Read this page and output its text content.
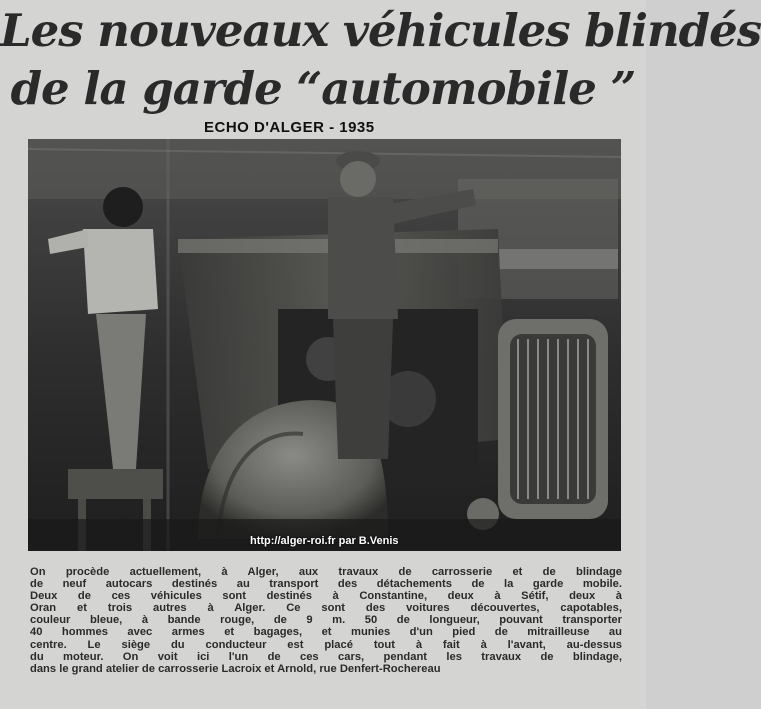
Les nouveaux véhicules blindés
de la garde “automobile ”
ECHO D'ALGER - 1935
http://alger-roi.fr par B.Venis
On procède actuellement, à Alger, aux travaux de carrosserie et de blindage
de neuf autocars destinés au transport des détachements de la garde mobile.
Deux de ces véhicules sont destinés à Constantine, deux à Sétif, deux à
Oran et trois autres à Alger. Ce sont des voitures découvertes, capotables,
couleur bleue, à bande rouge, de 9 m. 50 de longueur, pouvant transporter
40 hommes avec armes et bagages, et munies d'un pied de mitrailleuse au
centre. Le siège du conducteur est placé tout à fait à l'avant, au-dessus
du moteur. On voit ici l'un de ces cars, pendant les travaux de blindage,
dans le grand atelier de carrosserie Lacroix et Arnold, rue Denfert-Rochereau
